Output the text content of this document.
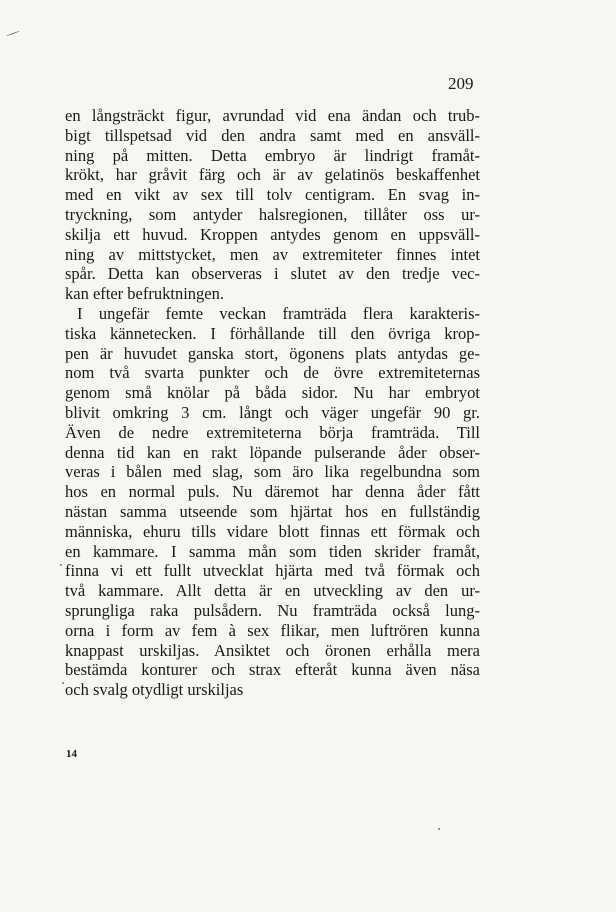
209
en långsträckt figur, avrundad vid ena ändan och trub-
bigt tillspetsad vid den andra samt med en ansväll-
ning på mitten. Detta embryo är lindrigt framåt-
krökt, har gråvit färg och är av gelatinös beskaffenhet
med en vikt av sex till tolv centigram. En svag in-
tryckning, som antyder halsregionen, tillåter oss ur-
skilja ett huvud. Kroppen antydes genom en uppsväll-
ning av mittstycket, men av extremiteter finnes intet
spår. Detta kan observeras i slutet av den tredje vec-
kan efter befruktningen.
I ungefär femte veckan framträda flera karakteris-
tiska kännetecken. I förhållande till den övriga krop-
pen är huvudet ganska stort, ögonens plats antydas ge-
nom två svarta punkter och de övre extremiteternas
genom små knölar på båda sidor. Nu har embryot
blivit omkring 3 cm. långt och väger ungefär 90 gr.
Även de nedre extremiteterna börja framträda. Till
denna tid kan en rakt löpande pulserande åder obser-
veras i bålen med slag, som äro lika regelbundna som
hos en normal puls. Nu däremot har denna åder fått
nästan samma utseende som hjärtat hos en fullständig
människa, ehuru tills vidare blott finnas ett förmak och
en kammare. I samma mån som tiden skrider framåt,
finna vi ett fullt utvecklat hjärta med två förmak och
två kammare. Allt detta är en utveckling av den ur-
sprungliga raka pulsådern. Nu framträda också lung-
orna i form av fem à sex flikar, men luftrören kunna
knappast urskiljas. Ansiktet och öronen erhålla mera
bestämda konturer och strax efteråt kunna även näsa
och svalg otydligt urskiljas
14
